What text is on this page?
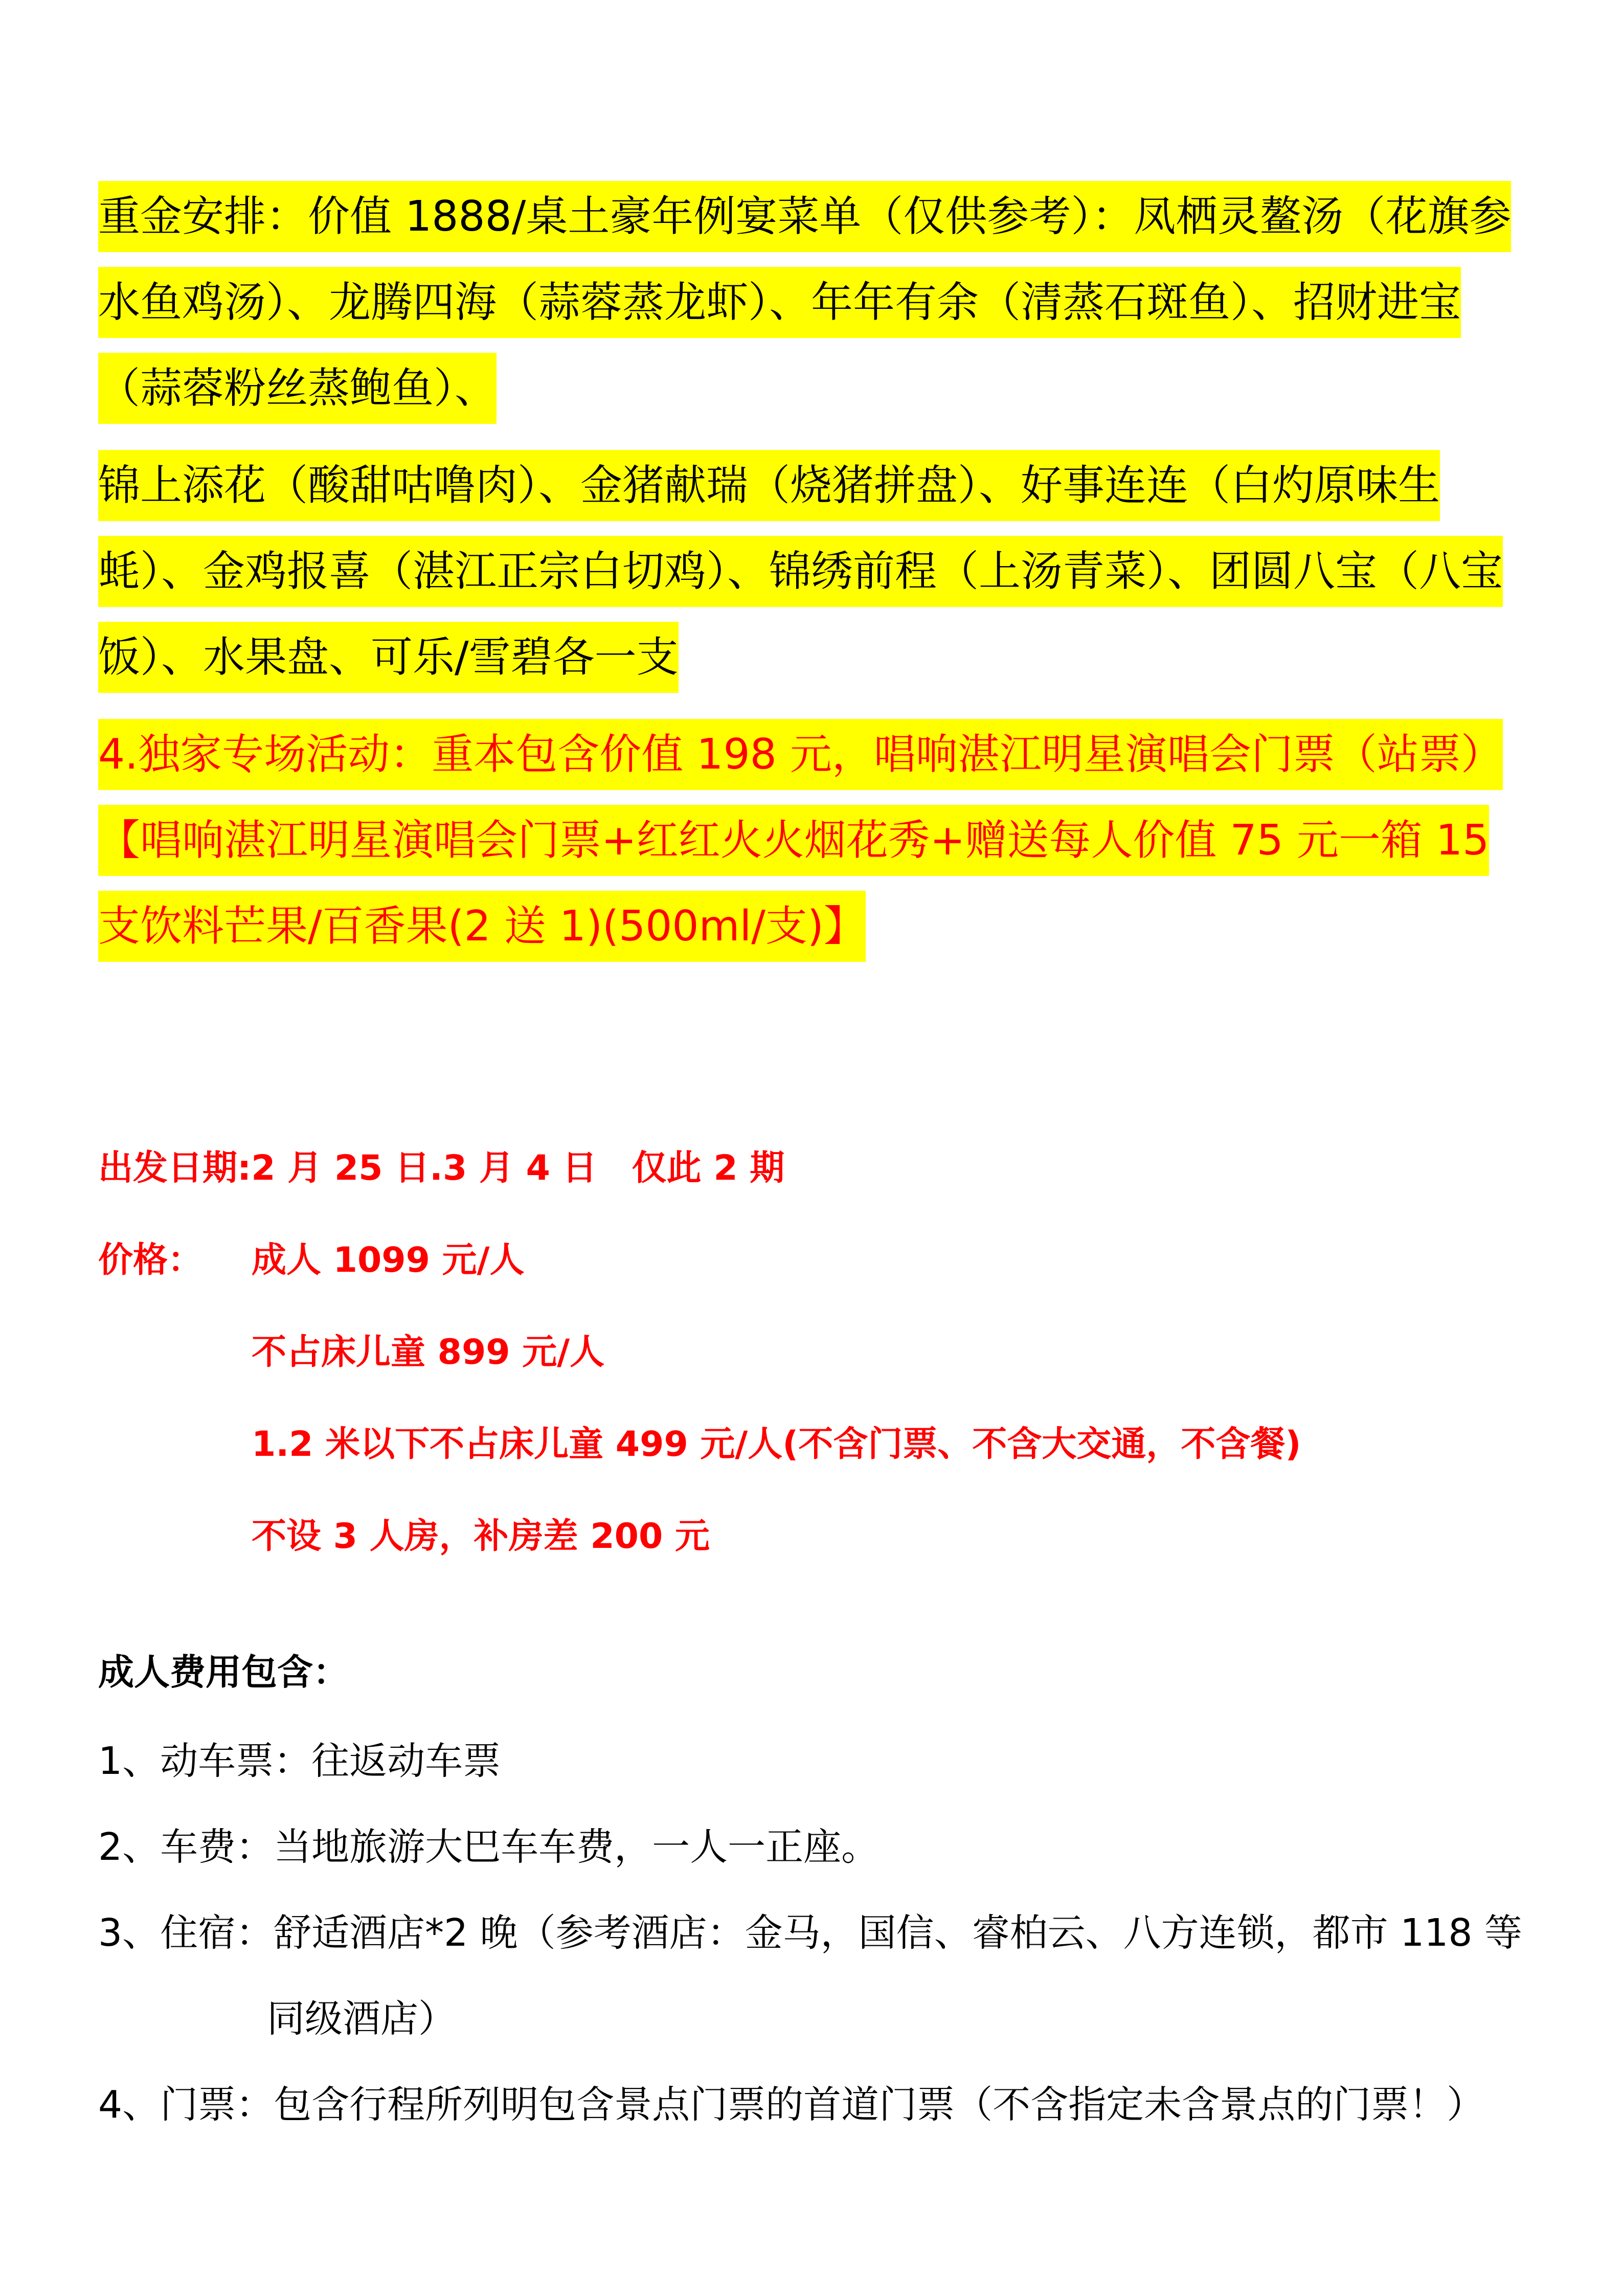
重金安排：价值 1888/桌土豪年例宴菜单（仅供参考）：凤栖灵鳌汤（花旗参水鱼鸡汤）、龙腾四海（蒜蓉蒸龙虾）、年年有余（清蒸石斑鱼）、招财进宝（蒜蓉粉丝蒸鲍鱼）、

锦上添花（酸甜咕噜肉）、金猪献瑞（烧猪拼盘）、好事连连（白灼原味生蚝）、金鸡报喜（湛江正宗白切鸡）、锦绣前程（上汤青菜）、团圆八宝（八宝饭）、水果盘、可乐/雪碧各一支

4.独家专场活动：重本包含价值 198 元，唱响湛江明星演唱会门票（站票）【唱响湛江明星演唱会门票+红红火火烟花秀+赠送每人价值 75 元一箱 15 支饮料芒果/百香果(2 送 1)(500ml/支)】

出发日期:2 月 25 日.3 月 4 日　仅此 2 期
价格： 成人 1099 元/人
不占床儿童 899 元/人
1.2 米以下不占床儿童 499 元/人(不含门票、不含大交通，不含餐)
不设 3 人房，补房差 200 元

成人费用包含：

1、动车票：往返动车票

2、车费：当地旅游大巴车车费，一人一正座。

3、住宿：舒适酒店*2 晚（参考酒店：金马，国信、睿柏云、八方连锁，都市 118 等同级酒店）

4、门票：包含行程所列明包含景点门票的首道门票（不含指定未含景点的门票！）
